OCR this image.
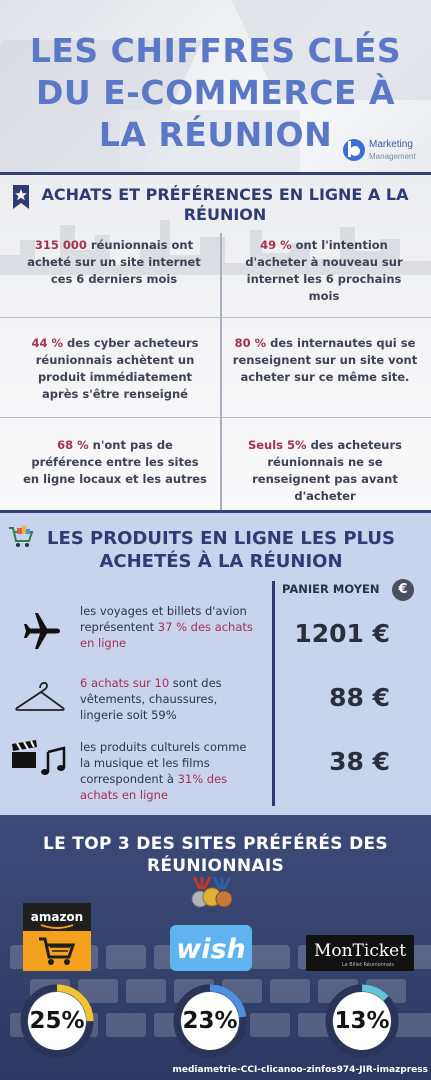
LES CHIFFRES CLÉS
DU E-COMMERCE À
LA RÉUNION	Marketing
Management
ACHATS ET PRÉFÉRENCES EN LIGNE A LA RÉUNION
315 000 réunionnais ont acheté sur un site internet ces 6 derniers mois
49 % ont l'intention d'acheter à nouveau sur internet les 6 prochains mois
44 % des cyber acheteurs réunionnais achètent un produit immédiatement après s'être renseigné
80 % des internautes qui se renseignent sur un site vont acheter sur ce même site.
68 % n'ont pas de préférence entre les sites en ligne locaux et les autres
Seuls 5% des acheteurs réunionnais ne se renseignent pas avant d'acheter
LES PRODUITS EN LIGNE LES PLUS ACHETÉS À LA RÉUNION
PANIER MOYEN	€
les voyages et billets d'avion représentent 37 % des achats en ligne	1201 €
6 achats sur 10 sont des vêtements, chaussures, lingerie soit 59%
88 €
les produits culturels comme la musique et les films correspondent à 31% des achats en ligne
38 €
LE TOP 3 DES SITES PRÉFÉRÉS DES RÉUNIONNAIS
amazon
wish	MonTicket
Le Billet Réunionnais
25%	23%	13%
mediametrie-CCI-clicanoo-zinfos974-JIR-imazpress
